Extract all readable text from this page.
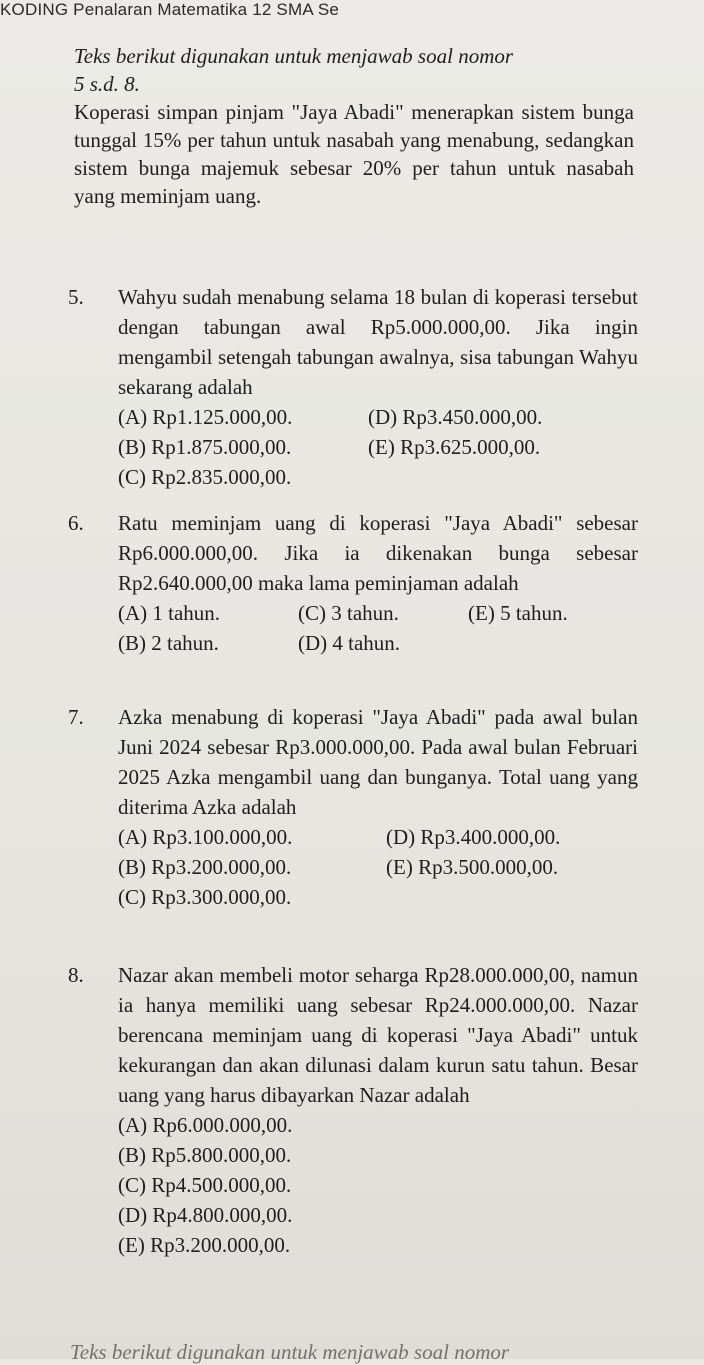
KODING Penalaran Matematika 12 SMA Se
Teks berikut digunakan untuk menjawab soal nomor
5 s.d. 8.
Koperasi simpan pinjam "Jaya Abadi" menerapkan sistem bunga tunggal 15% per tahun untuk nasabah yang menabung, sedangkan sistem bunga majemuk sebesar 20% per tahun untuk nasabah yang meminjam uang.
5. Wahyu sudah menabung selama 18 bulan di koperasi tersebut dengan tabungan awal Rp5.000.000,00. Jika ingin mengambil setengah tabungan awalnya, sisa tabungan Wahyu sekarang adalah
(A) Rp1.125.000,00.
(B) Rp1.875.000,00.
(C) Rp2.835.000,00.
(D) Rp3.450.000,00.
(E) Rp3.625.000,00.
6. Ratu meminjam uang di koperasi "Jaya Abadi" sebesar Rp6.000.000,00. Jika ia dikenakan bunga sebesar Rp2.640.000,00 maka lama peminjaman adalah
(A) 1 tahun.
(B) 2 tahun.
(C) 3 tahun.
(D) 4 tahun.
(E) 5 tahun.
7. Azka menabung di koperasi "Jaya Abadi" pada awal bulan Juni 2024 sebesar Rp3.000.000,00. Pada awal bulan Februari 2025 Azka mengambil uang dan bunganya. Total uang yang diterima Azka adalah
(A) Rp3.100.000,00.
(B) Rp3.200.000,00.
(C) Rp3.300.000,00.
(D) Rp3.400.000,00.
(E) Rp3.500.000,00.
8. Nazar akan membeli motor seharga Rp28.000.000,00, namun ia hanya memiliki uang sebesar Rp24.000.000,00. Nazar berencana meminjam uang di koperasi "Jaya Abadi" untuk kekurangan dan akan dilunasi dalam kurun satu tahun. Besar uang yang harus dibayarkan Nazar adalah
(A) Rp6.000.000,00.
(B) Rp5.800.000,00.
(C) Rp4.500.000,00.
(D) Rp4.800.000,00.
(E) Rp3.200.000,00.
Teks berikut digunakan untuk menjawab soal nomor
